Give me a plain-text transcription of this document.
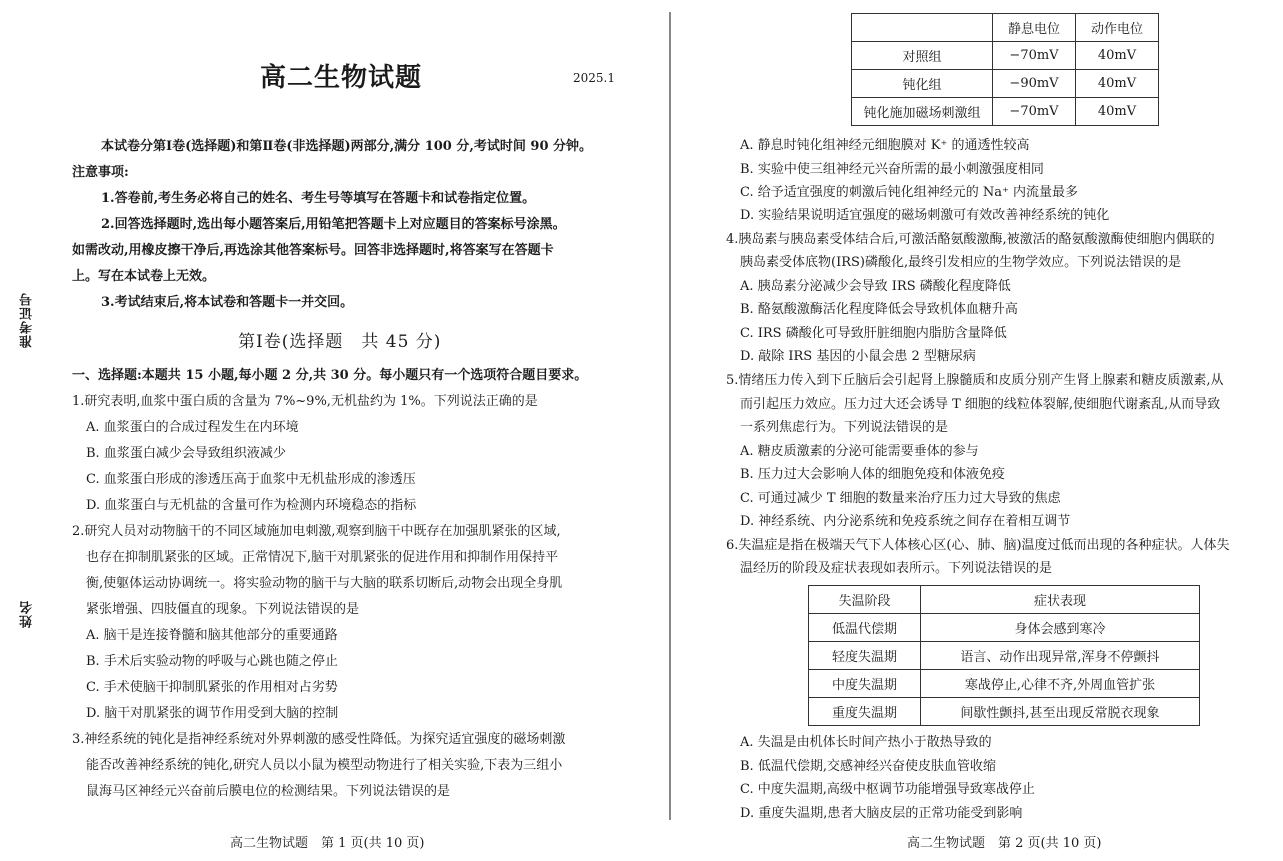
准考证号
姓名
高二生物试题	2025.1
本试卷分第Ⅰ卷(选择题)和第Ⅱ卷(非选择题)两部分,满分 100 分,考试时间 90 分钟。
注意事项:
1.答卷前,考生务必将自己的姓名、考生号等填写在答题卡和试卷指定位置。
2.回答选择题时,选出每小题答案后,用铅笔把答题卡上对应题目的答案标号涂黑。
如需改动,用橡皮擦干净后,再选涂其他答案标号。回答非选择题时,将答案写在答题卡
上。写在本试卷上无效。
3.考试结束后,将本试卷和答题卡一并交回。
第Ⅰ卷(选择题　共 45 分)
一、选择题:本题共 15 小题,每小题 2 分,共 30 分。每小题只有一个选项符合题目要求。
1.研究表明,血浆中蛋白质的含量为 7%~9%,无机盐约为 1%。下列说法正确的是
A. 血浆蛋白的合成过程发生在内环境
B. 血浆蛋白减少会导致组织液减少
C. 血浆蛋白形成的渗透压高于血浆中无机盐形成的渗透压
D. 血浆蛋白与无机盐的含量可作为检测内环境稳态的指标
2.研究人员对动物脑干的不同区域施加电刺激,观察到脑干中既存在加强肌紧张的区域,
也存在抑制肌紧张的区域。正常情况下,脑干对肌紧张的促进作用和抑制作用保持平
衡,使躯体运动协调统一。将实验动物的脑干与大脑的联系切断后,动物会出现全身肌
紧张增强、四肢僵直的现象。下列说法错误的是
A. 脑干是连接脊髓和脑其他部分的重要通路
B. 手术后实验动物的呼吸与心跳也随之停止
C. 手术使脑干抑制肌紧张的作用相对占劣势
D. 脑干对肌紧张的调节作用受到大脑的控制
3.神经系统的钝化是指神经系统对外界刺激的感受性降低。为探究适宜强度的磁场刺激
能否改善神经系统的钝化,研究人员以小鼠为模型动物进行了相关实验,下表为三组小
鼠海马区神经元兴奋前后膜电位的检测结果。下列说法错误的是
高二生物试题　第 1 页(共 10 页)
	静息电位	动作电位
对照组	−70mV	40mV
钝化组	−90mV	40mV
钝化施加磁场刺激组	−70mV	40mV
A. 静息时钝化组神经元细胞膜对 K⁺ 的通透性较高
B. 实验中使三组神经元兴奋所需的最小刺激强度相同
C. 给予适宜强度的刺激后钝化组神经元的 Na⁺ 内流量最多
D. 实验结果说明适宜强度的磁场刺激可有效改善神经系统的钝化
4.胰岛素与胰岛素受体结合后,可激活酪氨酸激酶,被激活的酪氨酸激酶使细胞内偶联的
胰岛素受体底物(IRS)磷酸化,最终引发相应的生物学效应。下列说法错误的是
A. 胰岛素分泌减少会导致 IRS 磷酸化程度降低
B. 酪氨酸激酶活化程度降低会导致机体血糖升高
C. IRS 磷酸化可导致肝脏细胞内脂肪含量降低
D. 敲除 IRS 基因的小鼠会患 2 型糖尿病
5.情绪压力传入到下丘脑后会引起肾上腺髓质和皮质分别产生肾上腺素和糖皮质激素,从
而引起压力效应。压力过大还会诱导 T 细胞的线粒体裂解,使细胞代谢紊乱,从而导致
一系列焦虑行为。下列说法错误的是
A. 糖皮质激素的分泌可能需要垂体的参与
B. 压力过大会影响人体的细胞免疫和体液免疫
C. 可通过减少 T 细胞的数量来治疗压力过大导致的焦虑
D. 神经系统、内分泌系统和免疫系统之间存在着相互调节
6.失温症是指在极端天气下人体核心区(心、肺、脑)温度过低而出现的各种症状。人体失
温经历的阶段及症状表现如表所示。下列说法错误的是
失温阶段	症状表现
低温代偿期	身体会感到寒冷
轻度失温期	语言、动作出现异常,浑身不停颤抖
中度失温期	寒战停止,心律不齐,外周血管扩张
重度失温期	间歇性颤抖,甚至出现反常脱衣现象
A. 失温是由机体长时间产热小于散热导致的
B. 低温代偿期,交感神经兴奋使皮肤血管收缩
C. 中度失温期,高级中枢调节功能增强导致寒战停止
D. 重度失温期,患者大脑皮层的正常功能受到影响
高二生物试题　第 2 页(共 10 页)
